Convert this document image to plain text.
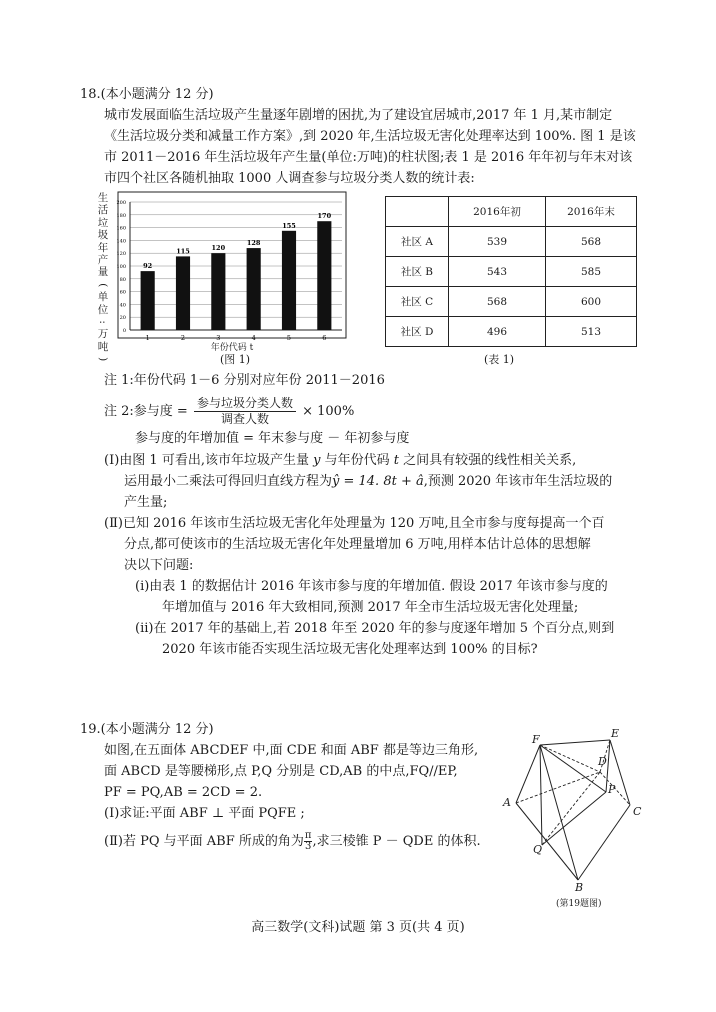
18.(本小题满分 12 分)
城市发展面临生活垃圾产生量逐年剧增的困扰,为了建设宜居城市,2017 年 1 月,某市制定
《生活垃圾分类和减量工作方案》,到 2020 年,生活垃圾无害化处理率达到 100%. 图 1 是该
市 2011－2016 年生活垃圾年产生量(单位:万吨)的柱状图;表 1 是 2016 年年初与年末对该
市四个社区各随机抽取 1000 人调查参与垃圾分类人数的统计表:
0
20
40
60
80
100
120
140
160
180
200
1	2	3	4	5	6
92
115	120
128
155
170
年份代码 t
生
活
垃
圾
年
产
量
(
单
位
:
万
吨
)	(图 1)
	2016年初	2016年末
社区 A	539	568
社区 B	543	585
社区 C	568	600
社区 D	496	513
(表 1)
注 1:年份代码 1－6 分别对应年份 2011－2016
注 2:参与度 = $\frac{\text{参与垃圾分类人数}}{\text{调查人数}} \times 100\%$
参与度的年增加值 = 年末参与度 － 年初参与度
(Ⅰ)由图 1 可看出,该市年垃圾产生量 y 与年份代码 t 之间具有较强的线性相关关系,
运用最小二乘法可得回归直线方程为ŷ = 14. 8t + â,预测 2020 年该市年生活垃圾的
产生量;
(Ⅱ)已知 2016 年该市生活垃圾无害化年处理量为 120 万吨,且全市参与度每提高一个百
分点,都可使该市的生活垃圾无害化年处理量增加 6 万吨,用样本估计总体的思想解
决以下问题:
(ⅰ)由表 1 的数据估计 2016 年该市参与度的年增加值. 假设 2017 年该市参与度的
年增加值与 2016 年大致相同,预测 2017 年全市生活垃圾无害化处理量;
(ⅱ)在 2017 年的基础上,若 2018 年至 2020 年的参与度逐年增加 5 个百分点,则到
2020 年该市能否实现生活垃圾无害化处理率达到 100% 的目标?
19.(本小题满分 12 分)
如图,在五面体 ABCDEF 中,面 CDE 和面 ABF 都是等边三角形,
面 ABCD 是等腰梯形,点 P,Q 分别是 CD,AB 的中点,FQ//EP,
PF = PQ,AB = 2CD = 2.
(Ⅰ)求证:平面 ABF ⊥ 平面 PQFE ;
(Ⅱ)若 PQ 与平面 ABF 所成的角为 $\frac{\pi}{3}$ ,求三棱锥 P － QDE 的体积.
F	E
D
P
A
C
Q
B
(第19题图)
高三数学(文科)试题 第 3 页(共 4 页)
